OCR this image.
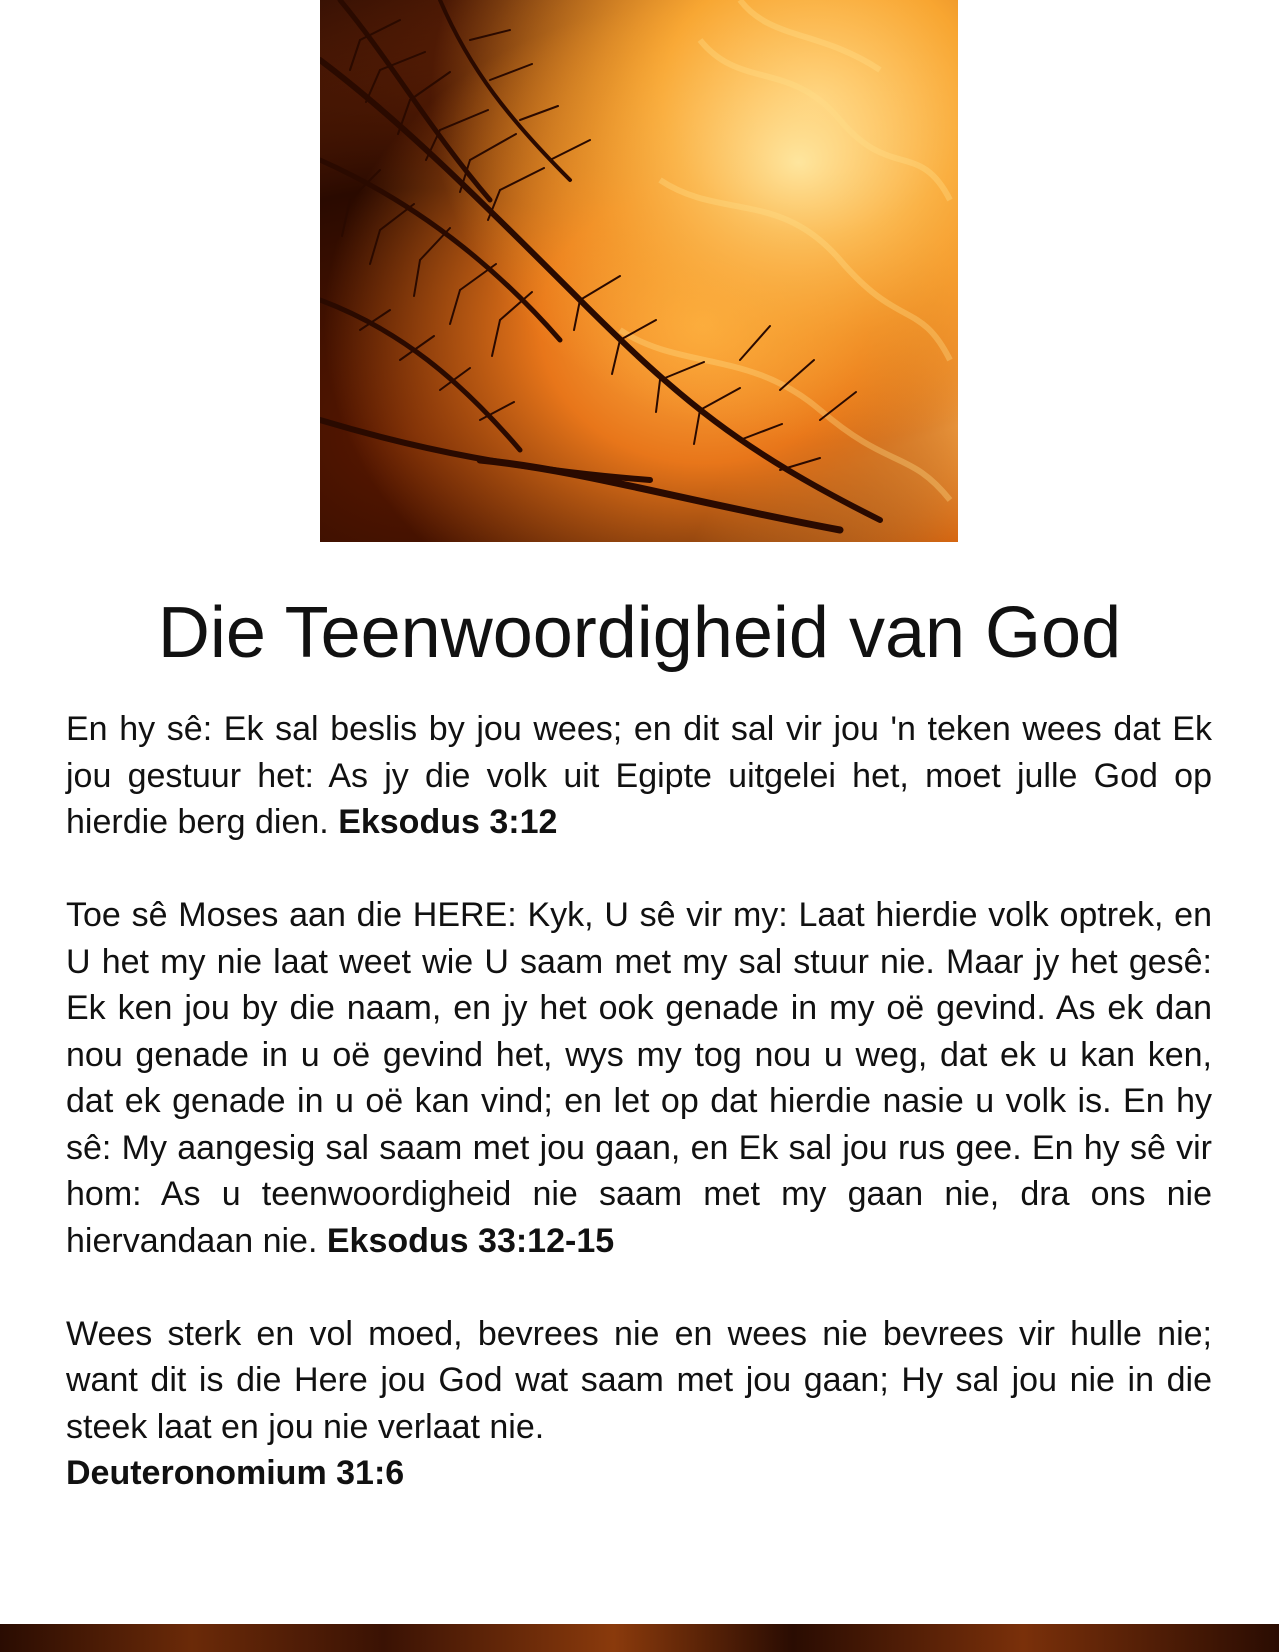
Die Teenwoordigheid van God

En hy sê: Ek sal beslis by jou wees; en dit sal vir jou 'n teken wees dat Ek jou gestuur het: As jy die volk uit Egipte uitgelei het, moet julle God op hierdie berg dien. Eksodus 3:12

Toe sê Moses aan die HERE: Kyk, U sê vir my: Laat hierdie volk optrek, en U het my nie laat weet wie U saam met my sal stuur nie. Maar jy het gesê: Ek ken jou by die naam, en jy het ook genade in my oë gevind. As ek dan nou genade in u oë gevind het, wys my tog nou u weg, dat ek u kan ken, dat ek genade in u oë kan vind; en let op dat hierdie nasie u volk is. En hy sê: My aangesig sal saam met jou gaan, en Ek sal jou rus gee. En hy sê vir hom: As u teenwoordigheid nie saam met my gaan nie, dra ons nie hiervandaan nie. Eksodus 33:12-15

Wees sterk en vol moed, bevrees nie en wees nie bevrees vir hulle nie; want dit is die Here jou God wat saam met jou gaan; Hy sal jou nie in die steek laat en jou nie verlaat nie.
Deuteronomium 31:6
